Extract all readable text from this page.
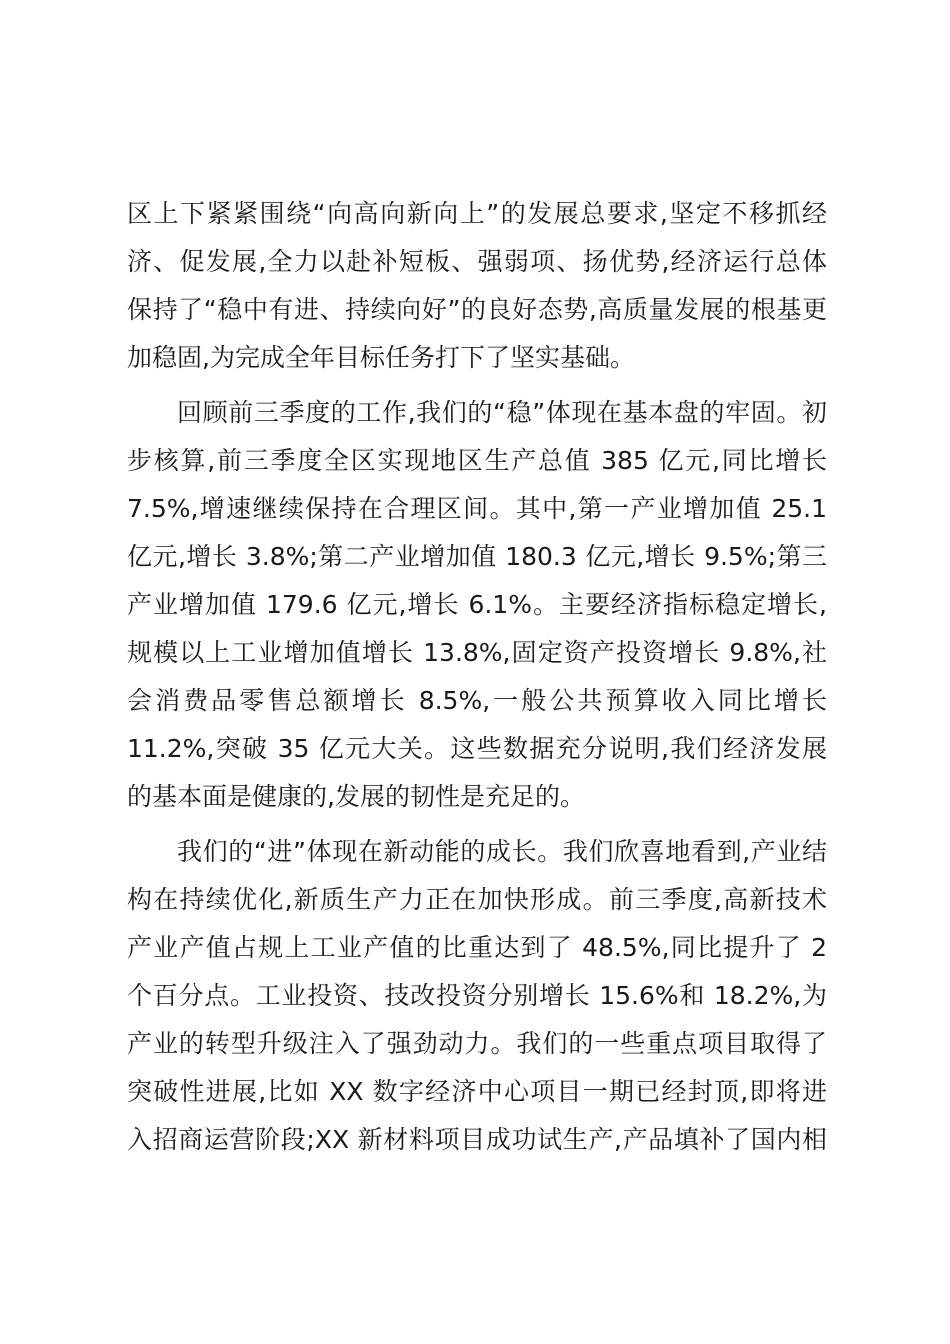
区上下紧紧围绕“向高向新向上”的发展总要求,坚定不移抓经
济、促发展,全力以赴补短板、强弱项、扬优势,经济运行总体
保持了“稳中有进、持续向好”的良好态势,高质量发展的根基更
加稳固,为完成全年目标任务打下了坚实基础。
回顾前三季度的工作,我们的“稳”体现在基本盘的牢固。初
步核算,前三季度全区实现地区生产总值 385 亿元,同比增长
7.5%,增速继续保持在合理区间。其中,第一产业增加值 25.1
亿元,增长 3.8%;第二产业增加值 180.3 亿元,增长 9.5%;第三
产业增加值 179.6 亿元,增长 6.1%。主要经济指标稳定增长,
规模以上工业增加值增长 13.8%,固定资产投资增长 9.8%,社
会消费品零售总额增长 8.5%,一般公共预算收入同比增长
11.2%,突破 35 亿元大关。这些数据充分说明,我们经济发展
的基本面是健康的,发展的韧性是充足的。
我们的“进”体现在新动能的成长。我们欣喜地看到,产业结
构在持续优化,新质生产力正在加快形成。前三季度,高新技术
产业产值占规上工业产值的比重达到了 48.5%,同比提升了 2
个百分点。工业投资、技改投资分别增长 15.6%和 18.2%,为
产业的转型升级注入了强劲动力。我们的一些重点项目取得了
突破性进展,比如 XX 数字经济中心项目一期已经封顶,即将进
入招商运营阶段;XX 新材料项目成功试生产,产品填补了国内相
